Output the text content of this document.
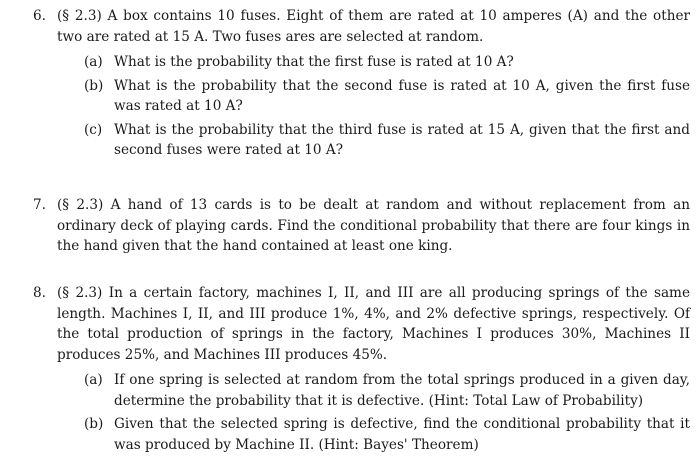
6. (§ 2.3) A box contains 10 fuses. Eight of them are rated at 10 amperes (A) and the other two are rated at 15 A. Two fuses ares are selected at random.

(a) What is the probability that the first fuse is rated at 10 A?
(b) What is the probability that the second fuse is rated at 10 A, given the first fuse was rated at 10 A?
(c) What is the probability that the third fuse is rated at 15 A, given that the first and second fuses were rated at 10 A?
7. (§ 2.3) A hand of 13 cards is to be dealt at random and without replacement from an ordinary deck of playing cards. Find the conditional probability that there are four kings in the hand given that the hand contained at least one king.

8. (§ 2.3) In a certain factory, machines I, II, and III are all producing springs of the same length. Machines I, II, and III produce 1%, 4%, and 2% defective springs, respectively. Of the total production of springs in the factory, Machines I produces 30%, Machines II produces 25%, and Machines III produces 45%.

(a) If one spring is selected at random from the total springs produced in a given day, determine the probability that it is defective. (Hint: Total Law of Probability)
(b) Given that the selected spring is defective, find the conditional probability that it was produced by Machine II. (Hint: Bayes' Theorem)
